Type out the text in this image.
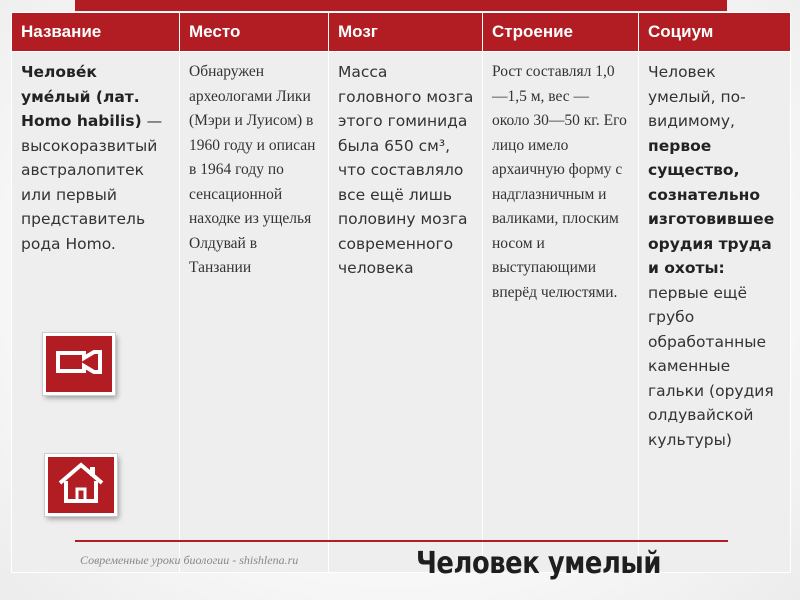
Название	Место	Мозг	Строение	Социум
Челове́к уме́лый (лат. Homo habilis) — высокоразвитый австралопитек или первый представитель рода Homo.	Обнаружен археологами Лики (Мэри и Луисом) в 1960 году и описан в 1964 году по сенсационной находке из ущелья Олдувай в Танзании	Масса головного мозга этого гоминида была 650 см³, что составляло все ещё лишь половину мозга современного человека	Рост составлял 1,0—1,5 м, вес — около 30—50 кг. Его лицо имело архаичную форму с надглазничным и валиками, плоским носом и выступающими вперёд челюстями.	Человек умелый, по-видимому, первое существо, сознательно изготовившее орудия труда и охоты: первые ещё грубо обработанные каменные гальки (орудия олдувайской культуры)
Современные уроки биологии - shishlena.ru	Человек умелый
